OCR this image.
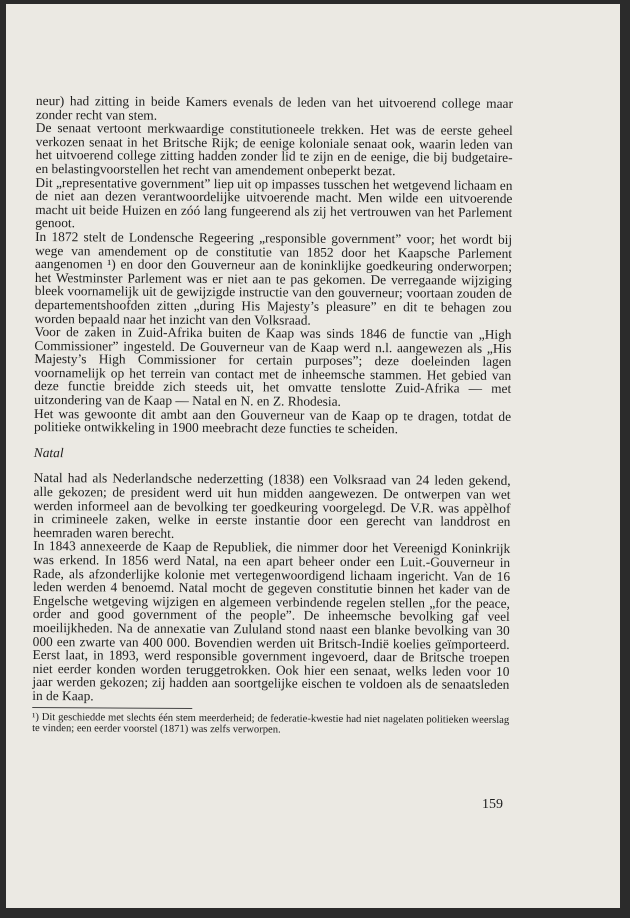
neur) had zitting in beide Kamers evenals de leden van het uitvoerend college maar zonder recht van stem.

De senaat vertoont merkwaardige constitutioneele trekken. Het was de eerste geheel verkozen senaat in het Britsche Rijk; de eenige koloniale senaat ook, waarin leden van het uitvoerend college zitting hadden zonder lid te zijn en de eenige, die bij budgetaire- en belastingvoorstellen het recht van amendement onbeperkt bezat.

Dit „representative government” liep uit op impasses tusschen het wetgevend lichaam en de niet aan dezen verantwoordelijke uitvoerende macht. Men wilde een uitvoerende macht uit beide Huizen en zóó lang fungeerend als zij het vertrouwen van het Parlement genoot.

In 1872 stelt de Londensche Regeering „responsible government” voor; het wordt bij wege van amendement op de constitutie van 1852 door het Kaapsche Parlement aangenomen ¹) en door den Gouverneur aan de koninklijke goedkeuring onderworpen; het Westminster Parlement was er niet aan te pas gekomen. De verregaande wijziging bleek voornamelijk uit de gewijzigde instructie van den gouverneur; voortaan zouden de departementshoofden zitten „during His Majesty’s pleasure” en dit te behagen zou worden bepaald naar het inzicht van den Volksraad.

Voor de zaken in Zuid-Afrika buiten de Kaap was sinds 1846 de functie van „High Commissioner” ingesteld. De Gouverneur van de Kaap werd n.l. aangewezen als „His Majesty’s High Commissioner for certain purposes”; deze doeleinden lagen voornamelijk op het terrein van contact met de inheemsche stammen. Het gebied van deze functie breidde zich steeds uit, het omvatte tenslotte Zuid-Afrika — met uitzondering van de Kaap — Natal en N. en Z. Rhodesia.

Het was gewoonte dit ambt aan den Gouverneur van de Kaap op te dragen, totdat de politieke ontwikkeling in 1900 meebracht deze functies te scheiden.

Natal

Natal had als Nederlandsche nederzetting (1838) een Volksraad van 24 leden gekend, alle gekozen; de president werd uit hun midden aangewezen. De ontwerpen van wet werden informeel aan de bevolking ter goedkeuring voorgelegd. De V.R. was appèlhof in crimineele zaken, welke in eerste instantie door een gerecht van landdrost en heemraden waren berecht.

In 1843 annexeerde de Kaap de Republiek, die nimmer door het Vereenigd Koninkrijk was erkend. In 1856 werd Natal, na een apart beheer onder een Luit.-Gouverneur in Rade, als afzonderlijke kolonie met vertegenwoordigend lichaam ingericht. Van de 16 leden werden 4 benoemd. Natal mocht de gegeven constitutie binnen het kader van de Engelsche wetgeving wijzigen en algemeen verbindende regelen stellen „for the peace, order and good government of the people”. De inheemsche bevolking gaf veel moeilijkheden. Na de annexatie van Zululand stond naast een blanke bevolking van 30 000 een zwarte van 400 000. Bovendien werden uit Britsch-Indië koelies geïmporteerd. Eerst laat, in 1893, werd responsible government ingevoerd, daar de Britsche troepen niet eerder konden worden teruggetrokken. Ook hier een senaat, welks leden voor 10 jaar werden gekozen; zij hadden aan soortgelijke eischen te voldoen als de senaatsleden in de Kaap.

¹) Dit geschiedde met slechts één stem meerderheid; de federatie-kwestie had niet nagelaten politieken weerslag te vinden; een eerder voorstel (1871) was zelfs verworpen.

159
